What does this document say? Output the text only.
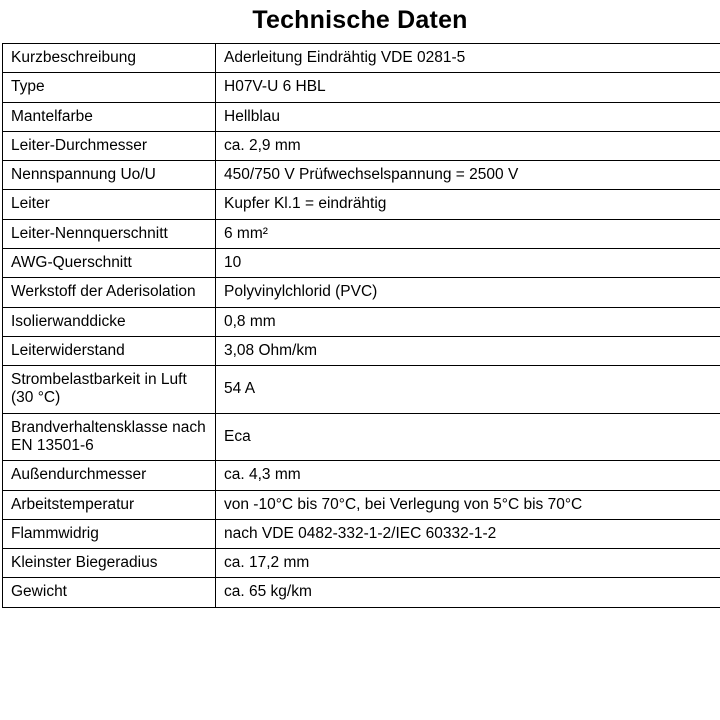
Technische Daten
Kurzbeschreibung	Aderleitung Eindrähtig VDE 0281-5
Type	H07V-U 6 HBL
Mantelfarbe	Hellblau
Leiter-Durchmesser	ca. 2,9 mm
Nennspannung Uo/U	450/750 V Prüfwechselspannung = 2500 V
Leiter	Kupfer Kl.1 = eindrähtig
Leiter-Nennquerschnitt	6 mm²
AWG-Querschnitt	10
Werkstoff der Aderisolation	Polyvinylchlorid (PVC)
Isolierwanddicke	0,8 mm
Leiterwiderstand	3,08 Ohm/km
Strombelastbarkeit in Luft (30 °C)	54 A
Brandverhaltensklasse nach EN 13501-6	Eca
Außendurchmesser	ca. 4,3 mm
Arbeitstemperatur	von -10°C bis 70°C, bei Verlegung von 5°C bis 70°C
Flammwidrig	nach VDE 0482-332-1-2/IEC 60332-1-2
Kleinster Biegeradius	ca. 17,2 mm
Gewicht	ca. 65 kg/km
